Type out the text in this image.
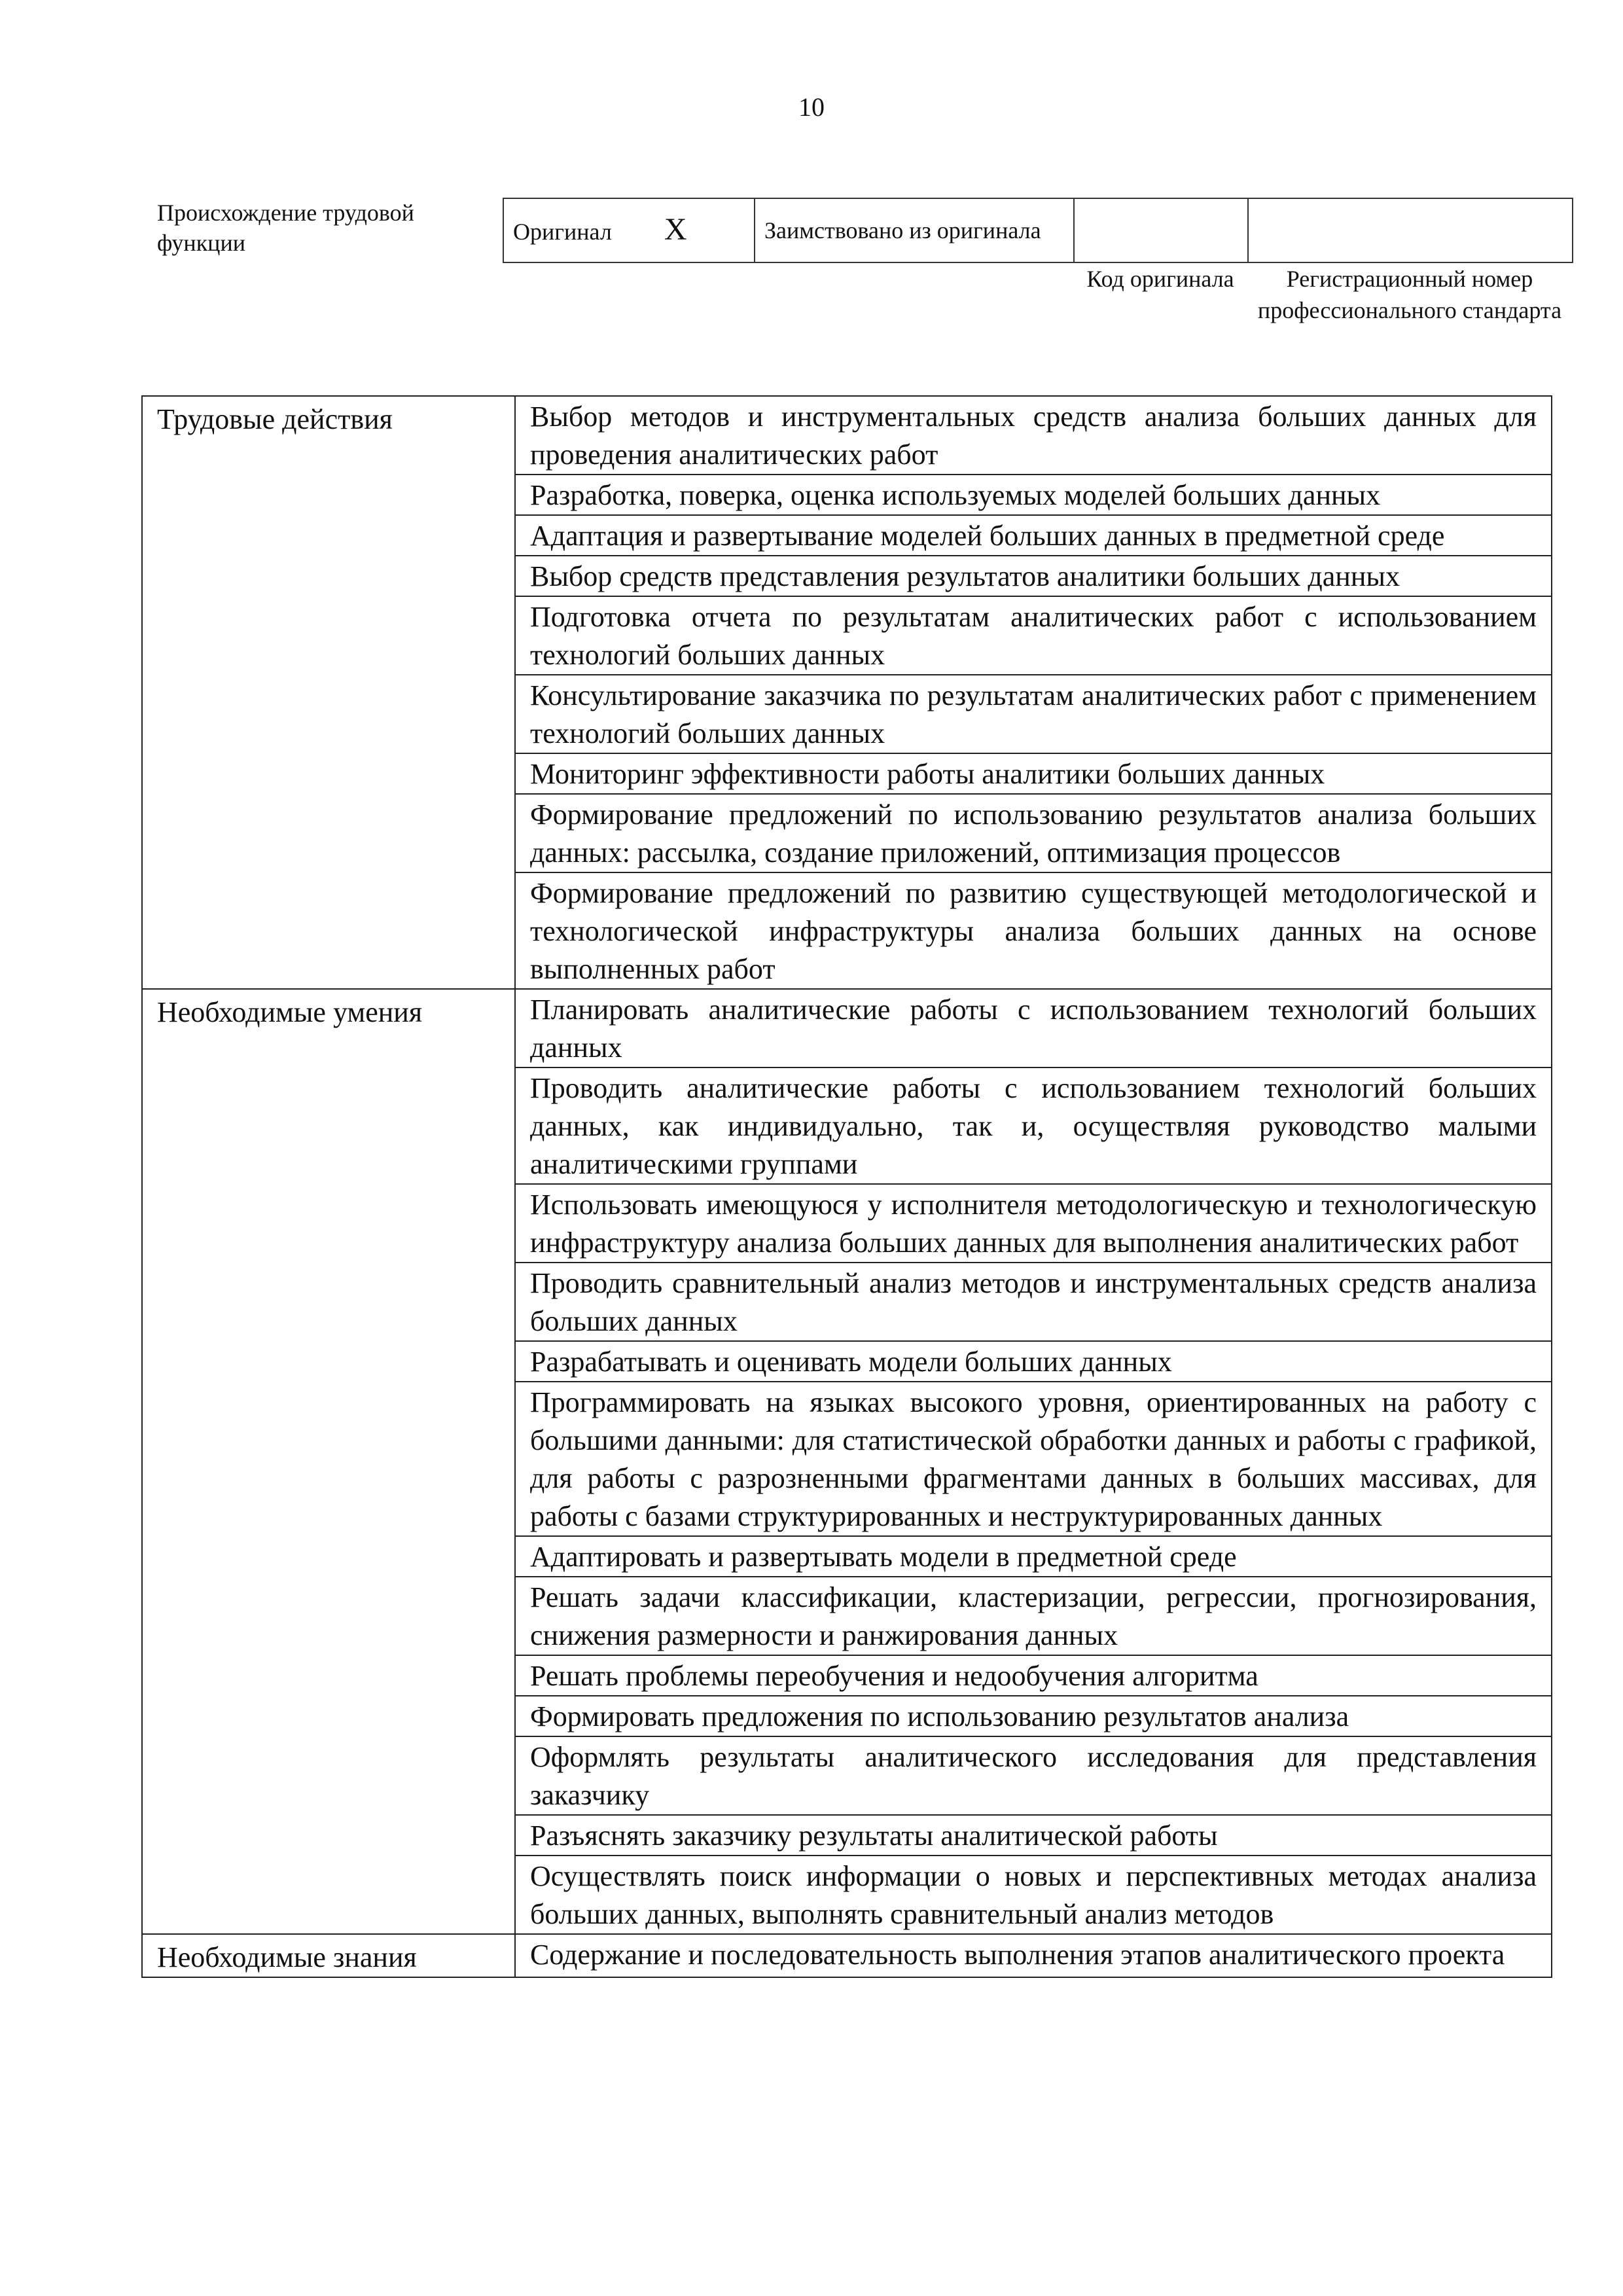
10
Происхождение трудовой функции	Оригинал X	Заимствовано из оригинала		
Код оригинала	Регистрационный номер профессионального стандарта
Трудовые действия	Выбор методов и инструментальных средств анализа больших данных для проведения аналитических работ
	Разработка, поверка, оценка используемых моделей больших данных
	Адаптация и развертывание моделей больших данных в предметной среде
	Выбор средств представления результатов аналитики больших данных
	Подготовка отчета по результатам аналитических работ с использованием технологий больших данных
	Консультирование заказчика по результатам аналитических работ с применением технологий больших данных
	Мониторинг эффективности работы аналитики больших данных
	Формирование предложений по использованию результатов анализа больших данных: рассылка, создание приложений, оптимизация процессов
	Формирование предложений по развитию существующей методологической и технологической инфраструктуры анализа больших данных на основе выполненных работ
Необходимые умения	Планировать аналитические работы с использованием технологий больших данных
	Проводить аналитические работы с использованием технологий больших данных, как индивидуально, так и, осуществляя руководство малыми аналитическими группами
	Использовать имеющуюся у исполнителя методологическую и технологическую инфраструктуру анализа больших данных для выполнения аналитических работ
	Проводить сравнительный анализ методов и инструментальных средств анализа больших данных
	Разрабатывать и оценивать модели больших данных
	Программировать на языках высокого уровня, ориентированных на работу с большими данными: для статистической обработки данных и работы с графикой, для работы с разрозненными фрагментами данных в больших массивах, для работы с базами структурированных и неструктурированных данных
	Адаптировать и развертывать модели в предметной среде
	Решать задачи классификации, кластеризации, регрессии, прогнозирования, снижения размерности и ранжирования данных
	Решать проблемы переобучения и недообучения алгоритма
	Формировать предложения по использованию результатов анализа
	Оформлять результаты аналитического исследования для представления заказчику
	Разъяснять заказчику результаты аналитической работы
	Осуществлять поиск информации о новых и перспективных методах анализа больших данных, выполнять сравнительный анализ методов
Необходимые знания	Содержание и последовательность выполнения этапов аналитического проекта
